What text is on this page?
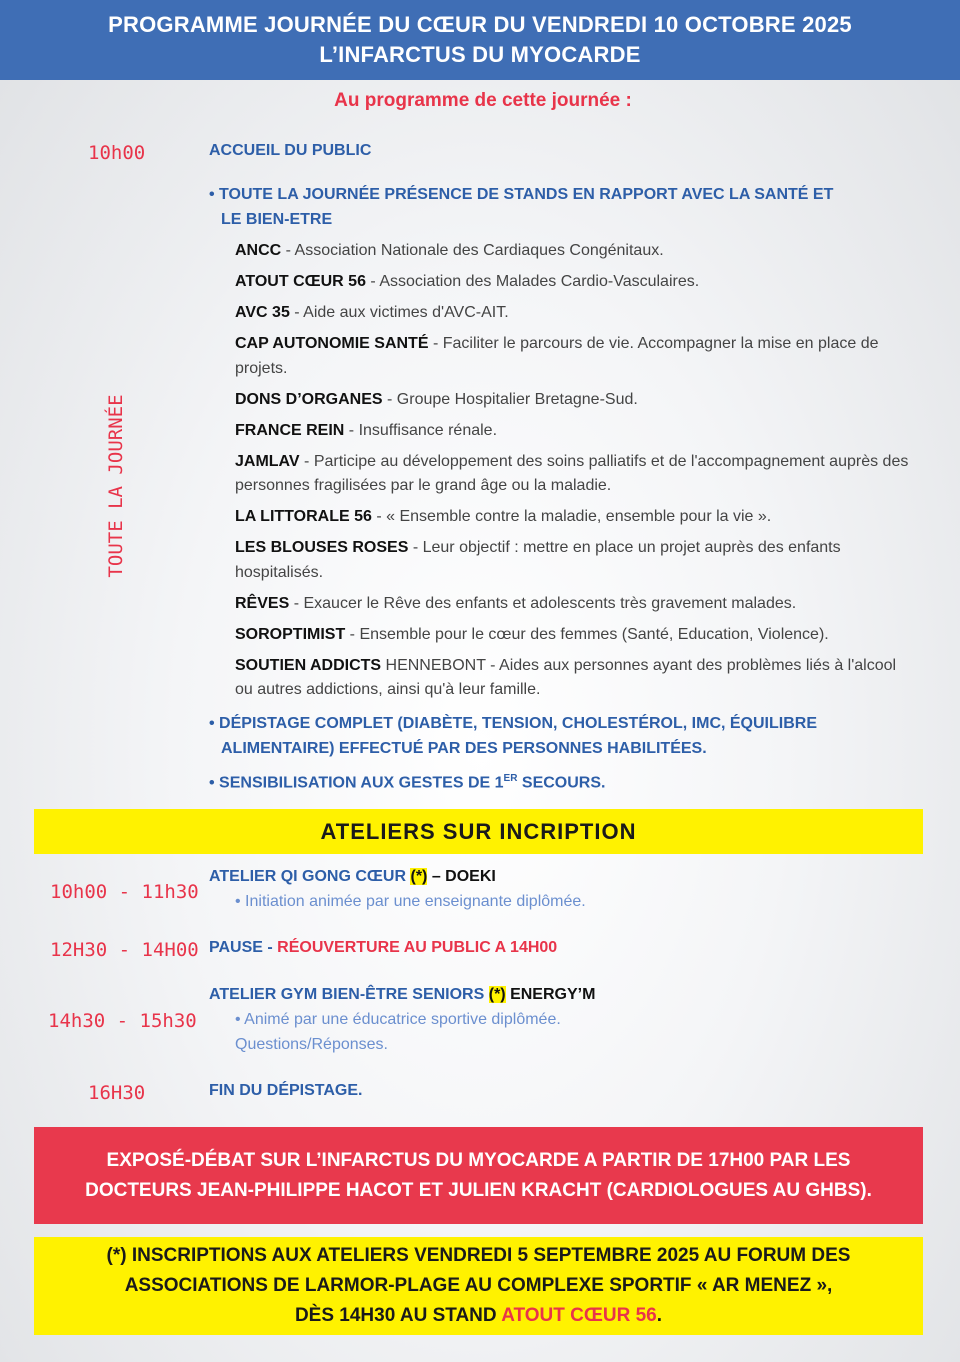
PROGRAMME JOURNÉE DU CŒUR DU VENDREDI 10 OCTOBRE 2025
L’INFARCTUS DU MYOCARDE
Au programme de cette journée :
10h00	ACCUEIL DU PUBLIC
TOUTE LA JOURNÉE
• TOUTE LA JOURNÉE PRÉSENCE DE STANDS EN RAPPORT AVEC LA SANTÉ ET
LE BIEN-ETRE
ANCC - Association Nationale des Cardiaques Congénitaux.
ATOUT CŒUR 56 - Association des Malades Cardio-Vasculaires.
AVC 35 - Aide aux victimes d'AVC-AIT.
CAP AUTONOMIE SANTÉ - Faciliter le parcours de vie. Accompagner la mise en place de projets.
DONS D’ORGANES - Groupe Hospitalier Bretagne-Sud.
FRANCE REIN - Insuffisance rénale.
JAMLAV - Participe au développement des soins palliatifs et de l'accompagnement auprès des personnes fragilisées par le grand âge ou la maladie.
LA LITTORALE 56 - « Ensemble contre la maladie, ensemble pour la vie ».
LES BLOUSES ROSES - Leur objectif : mettre en place un projet auprès des enfants hospitalisés.
RÊVES - Exaucer le Rêve des enfants et adolescents très gravement malades.
SOROPTIMIST - Ensemble pour le cœur des femmes (Santé, Education, Violence).
SOUTIEN ADDICTS HENNEBONT - Aides aux personnes ayant des problèmes liés à l'alcool ou autres addictions, ainsi qu'à leur famille.
• DÉPISTAGE COMPLET (DIABÈTE, TENSION, CHOLESTÉROL, IMC, ÉQUILIBRE
ALIMENTAIRE) EFFECTUÉ PAR DES PERSONNES HABILITÉES.
• SENSIBILISATION AUX GESTES DE 1ER SECOURS.
ATELIERS SUR INCRIPTION
10h00 - 11h30
ATELIER QI GONG CŒUR (*) – DOEKI
• Initiation animée par une enseignante diplômée.
12H30 - 14H00 PAUSE - RÉOUVERTURE AU PUBLIC A 14H00
14h30 - 15h30
ATELIER GYM BIEN-ÊTRE SENIORS (*) ENERGY’M
• Animé par une éducatrice sportive diplômée.
Questions/Réponses.
16H30	FIN DU DÉPISTAGE.
EXPOSÉ-DÉBAT SUR L’INFARCTUS DU MYOCARDE A PARTIR DE 17H00 PAR LES
DOCTEURS JEAN-PHILIPPE HACOT ET JULIEN KRACHT (CARDIOLOGUES AU GHBS).
(*) INSCRIPTIONS AUX ATELIERS VENDREDI 5 SEPTEMBRE 2025 AU FORUM DES
ASSOCIATIONS DE LARMOR-PLAGE AU COMPLEXE SPORTIF « AR MENEZ »,
DÈS 14H30 AU STAND ATOUT CŒUR 56.
